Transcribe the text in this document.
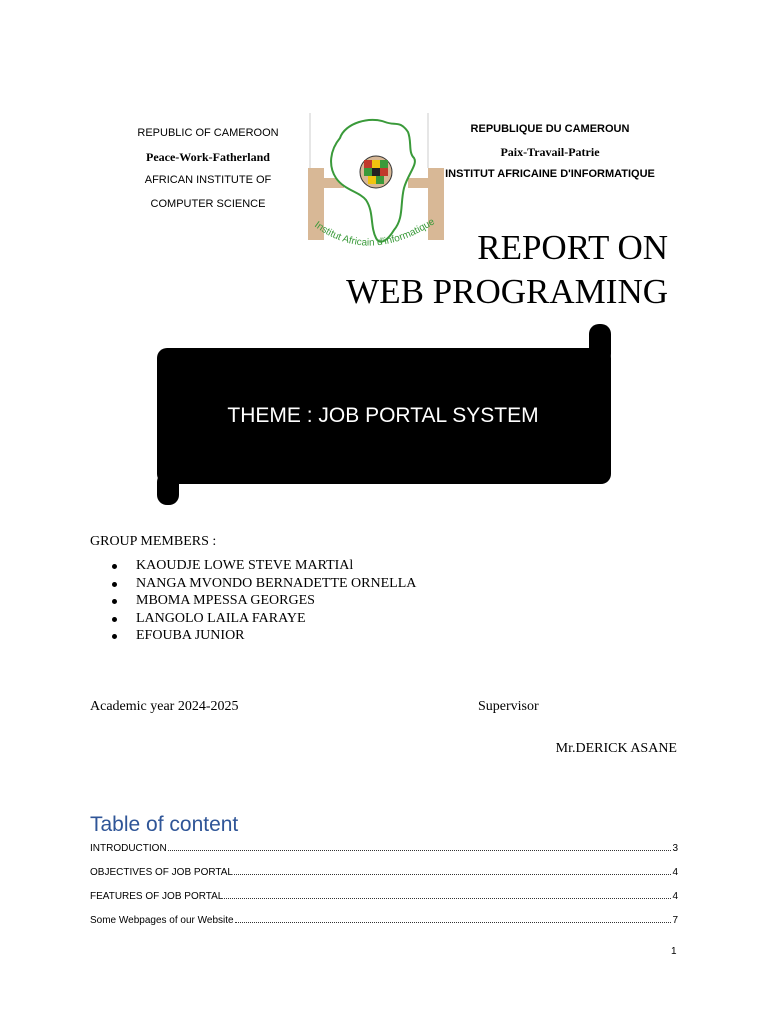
REPUBLIC OF CAMEROON
Peace-Work-Fatherland
AFRICAN INSTITUTE OF
COMPUTER SCIENCE
Institut Africain d'informatique
REPUBLIQUE DU CAMEROUN
Paix-Travail-Patrie
INSTITUT AFRICAINE D'INFORMATIQUE
REPORT ON
WEB PROGRAMING
THEME : JOB PORTAL SYSTEM
GROUP MEMBERS :
KAOUDJE LOWE STEVE MARTIAl
NANGA MVONDO BERNADETTE ORNELLA
MBOMA MPESSA GEORGES
LANGOLO LAILA FARAYE
EFOUBA JUNIOR
Academic year 2024-2025	Supervisor
Mr.DERICK ASANE
Table of content
INTRODUCTION	3
OBJECTIVES OF JOB PORTAL	4
FEATURES OF JOB PORTAL	4
Some Webpages of our Website	7
1
